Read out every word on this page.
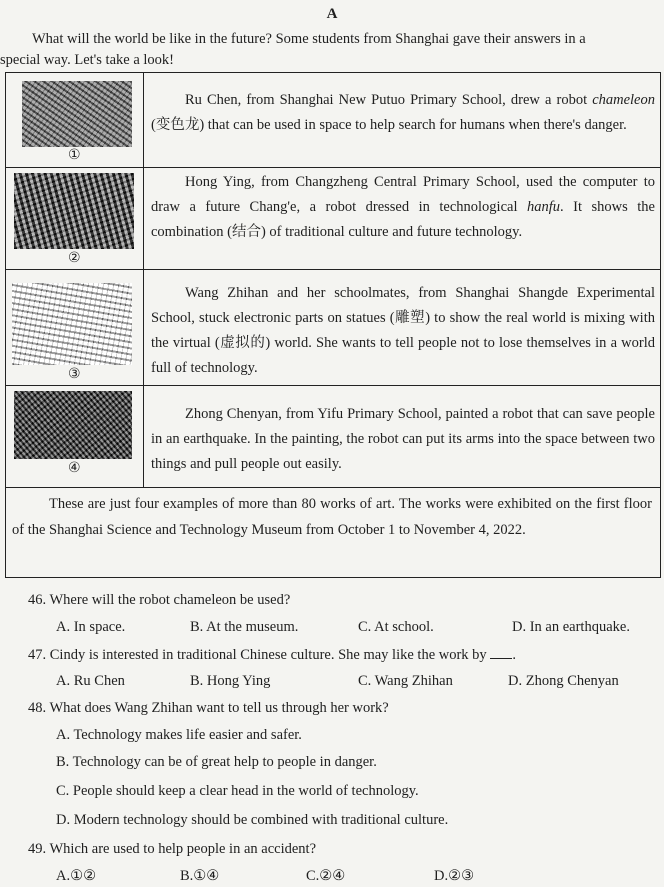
A
What will the world be like in the future? Some students from Shanghai gave their answers in a
special way. Let's take a look!
①
Ru Chen, from Shanghai New Putuo Primary School, drew a robot chameleon (变色龙) that can be used in space to help search for humans when there's danger.
②
Hong Ying, from Changzheng Central Primary School, used the computer to draw a future Chang'e, a robot dressed in technological hanfu. It shows the combination (结合) of traditional culture and future technology.
③
Wang Zhihan and her schoolmates, from Shanghai Shangde Experimental School, stuck electronic parts on statues (雕塑) to show the real world is mixing with the virtual (虚拟的) world. She wants to tell people not to lose themselves in a world full of technology.
④
Zhong Chenyan, from Yifu Primary School, painted a robot that can save people in an earthquake. In the painting, the robot can put its arms into the space between two things and pull people out easily.
These are just four examples of more than 80 works of art. The works were exhibited on the first floor of the Shanghai Science and Technology Museum from October 1 to November 4, 2022.
46. Where will the robot chameleon be used?
A. In space.	B. At the museum.	C. At school.	D. In an earthquake.
47. Cindy is interested in traditional Chinese culture. She may like the work by .
A. Ru Chen	B. Hong Ying	C. Wang Zhihan	D. Zhong Chenyan
48. What does Wang Zhihan want to tell us through her work?
A. Technology makes life easier and safer.
B. Technology can be of great help to people in danger.
C. People should keep a clear head in the world of technology.
D. Modern technology should be combined with traditional culture.
49. Which are used to help people in an accident?
A.①②	B.①④	C.②④	D.②③
